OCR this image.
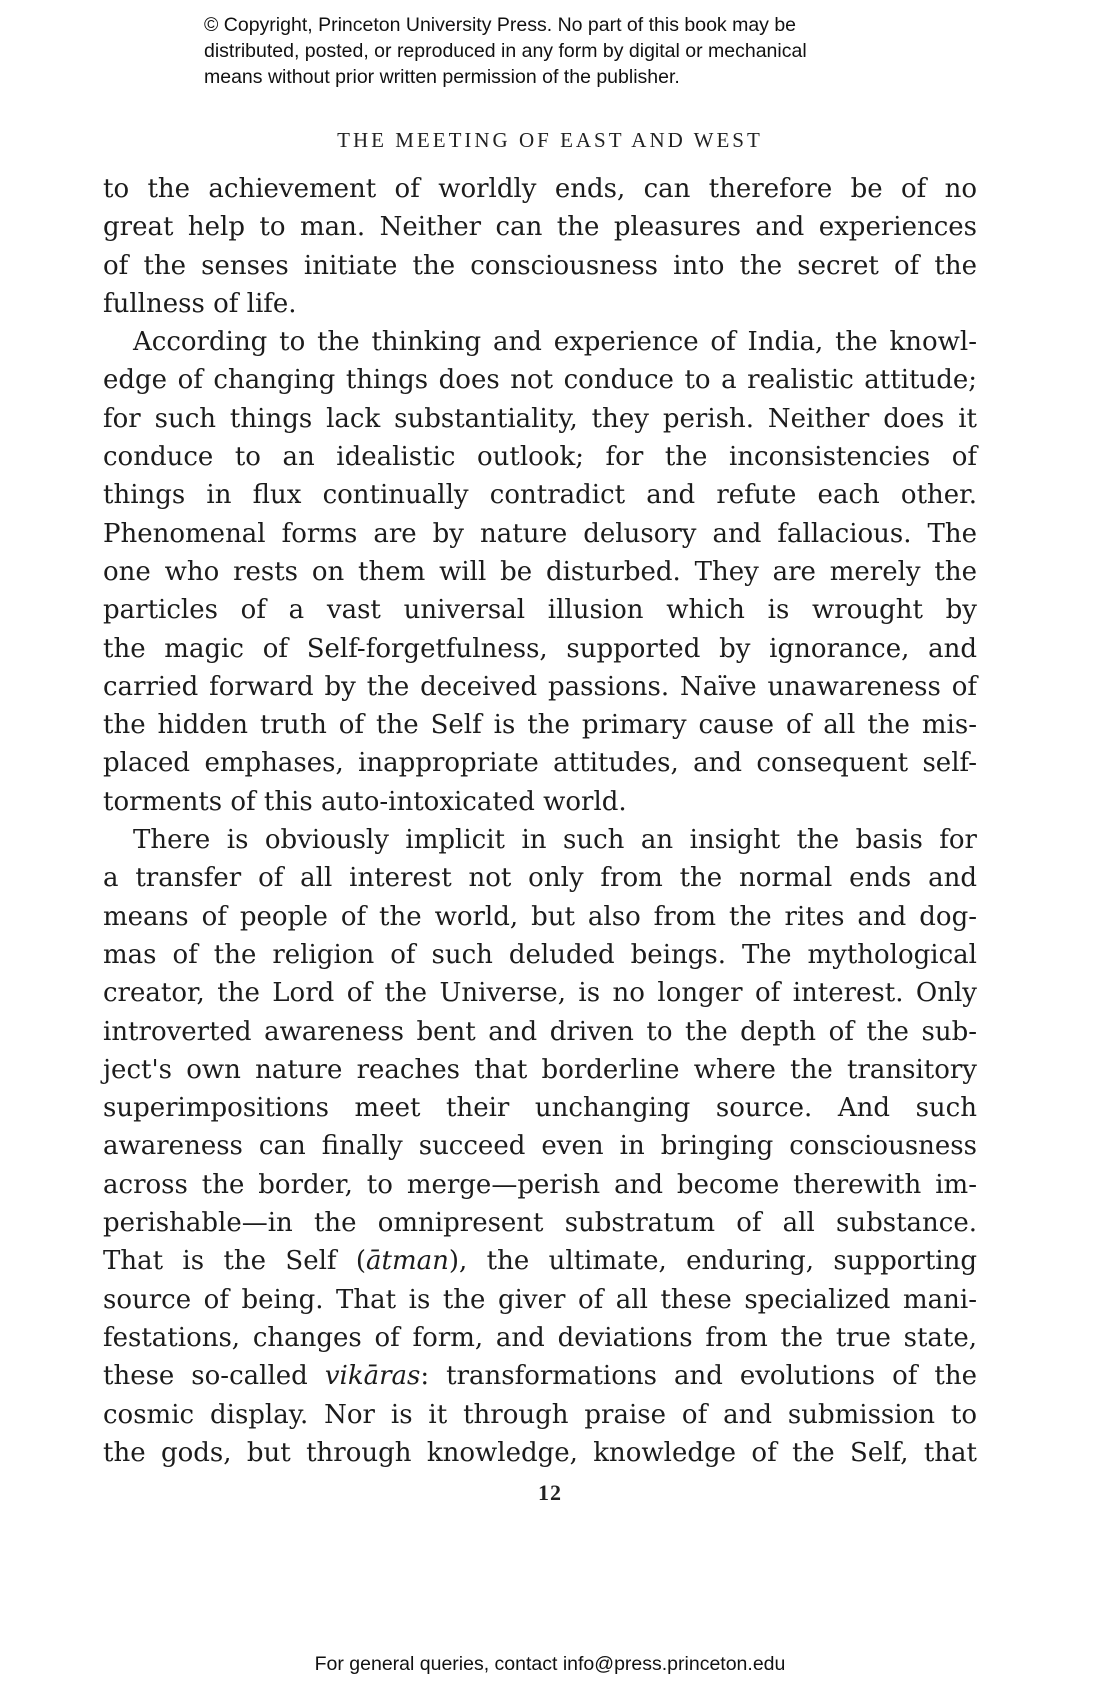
© Copyright, Princeton University Press. No part of this book may be
distributed, posted, or reproduced in any form by digital or mechanical
means without prior written permission of the publisher.
THE MEETING OF EAST AND WEST
to the achievement of worldly ends, can therefore be of no
great help to man. Neither can the pleasures and experiences
of the senses initiate the consciousness into the secret of the
fullness of life.
According to the thinking and experience of India, the knowl-
edge of changing things does not conduce to a realistic attitude;
for such things lack substantiality, they perish. Neither does it
conduce to an idealistic outlook; for the inconsistencies of
things in flux continually contradict and refute each other.
Phenomenal forms are by nature delusory and fallacious. The
one who rests on them will be disturbed. They are merely the
particles of a vast universal illusion which is wrought by
the magic of Self-forgetfulness, supported by ignorance, and
carried forward by the deceived passions. Naïve unawareness of
the hidden truth of the Self is the primary cause of all the mis-
placed emphases, inappropriate attitudes, and consequent self-
torments of this auto-intoxicated world.
There is obviously implicit in such an insight the basis for
a transfer of all interest not only from the normal ends and
means of people of the world, but also from the rites and dog-
mas of the religion of such deluded beings. The mythological
creator, the Lord of the Universe, is no longer of interest. Only
introverted awareness bent and driven to the depth of the sub-
ject's own nature reaches that borderline where the transitory
superimpositions meet their unchanging source. And such
awareness can finally succeed even in bringing consciousness
across the border, to merge—perish and become therewith im-
perishable—in the omnipresent substratum of all substance.
That is the Self (ātman), the ultimate, enduring, supporting
source of being. That is the giver of all these specialized mani-
festations, changes of form, and deviations from the true state,
these so-called vikāras: transformations and evolutions of the
cosmic display. Nor is it through praise of and submission to
the gods, but through knowledge, knowledge of the Self, that
12
For general queries, contact info@press.princeton.edu
